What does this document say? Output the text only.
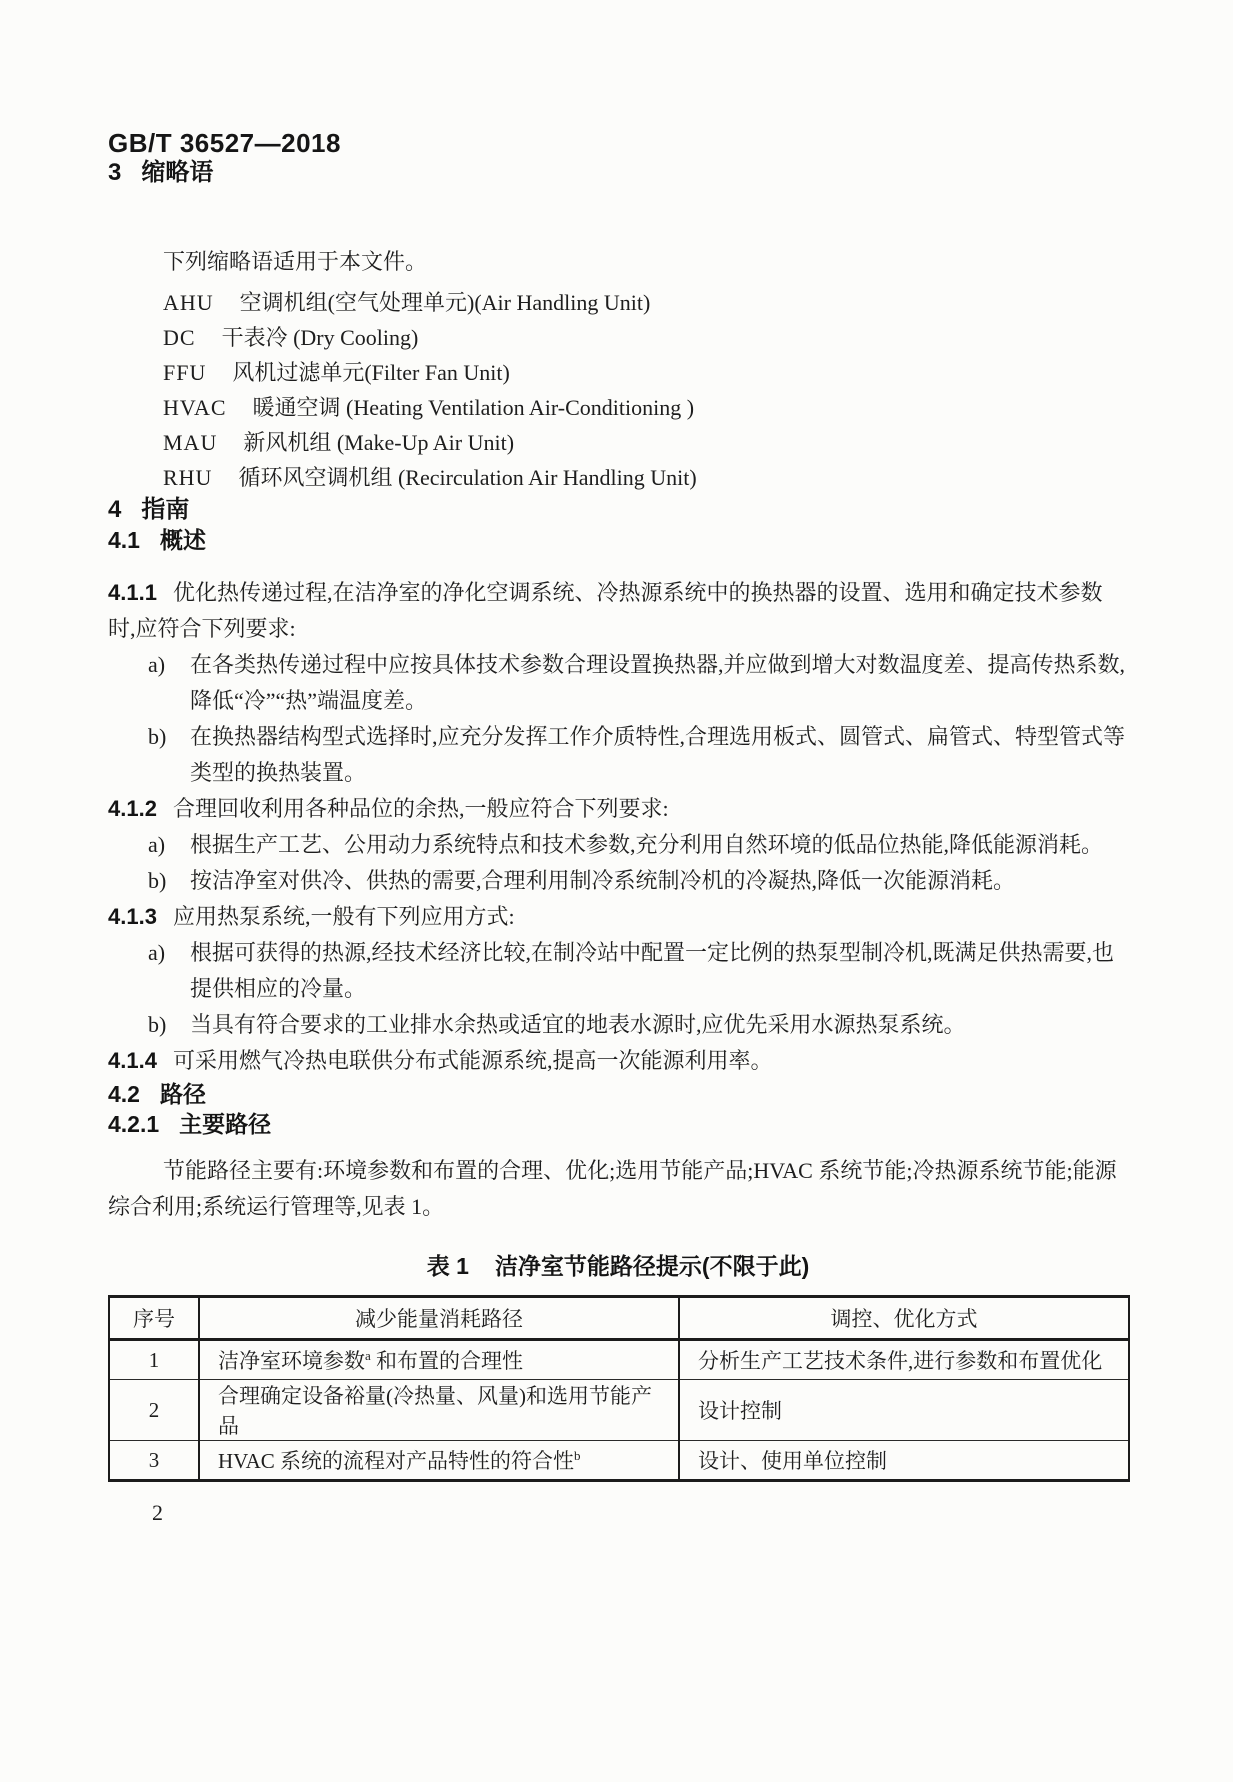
GB/T 36527—2018
3 缩略语

下列缩略语适用于本文件。

AHU 空调机组(空气处理单元)(Air Handling Unit)
DC 干表冷 (Dry Cooling)
FFU 风机过滤单元(Filter Fan Unit)
HVAC 暖通空调 (Heating Ventilation Air-Conditioning )
MAU 新风机组 (Make-Up Air Unit)
RHU 循环风空调机组 (Recirculation Air Handling Unit)
4 指南
4.1 概述

4.1.1 优化热传递过程,在洁净室的净化空调系统、冷热源系统中的换热器的设置、选用和确定技术参数时,应符合下列要求:

a) 在各类热传递过程中应按具体技术参数合理设置换热器,并应做到增大对数温度差、提高传热系数,降低“冷”“热”端温度差。
b) 在换热器结构型式选择时,应充分发挥工作介质特性,合理选用板式、圆管式、扁管式、特型管式等类型的换热装置。

4.1.2 合理回收利用各种品位的余热,一般应符合下列要求:

a) 根据生产工艺、公用动力系统特点和技术参数,充分利用自然环境的低品位热能,降低能源消耗。
b) 按洁净室对供冷、供热的需要,合理利用制冷系统制冷机的冷凝热,降低一次能源消耗。

4.1.3 应用热泵系统,一般有下列应用方式:

a) 根据可获得的热源,经技术经济比较,在制冷站中配置一定比例的热泵型制冷机,既满足供热需要,也提供相应的冷量。
b) 当具有符合要求的工业排水余热或适宜的地表水源时,应优先采用水源热泵系统。

4.1.4 可采用燃气冷热电联供分布式能源系统,提高一次能源利用率。

4.2 路径
4.2.1 主要路径

节能路径主要有:环境参数和布置的合理、优化;选用节能产品;HVAC 系统节能;冷热源系统节能;能源综合利用;系统运行管理等,见表 1。

表 1 洁净室节能路径提示(不限于此)

序号	减少能量消耗路径	调控、优化方式
1	洁净室环境参数$^a$ 和布置的合理性	分析生产工艺技术条件,进行参数和布置优化
2	合理确定设备裕量(冷热量、风量)和选用节能产品	设计控制
3	HVAC 系统的流程对产品特性的符合性$^b$	设计、使用单位控制
2
